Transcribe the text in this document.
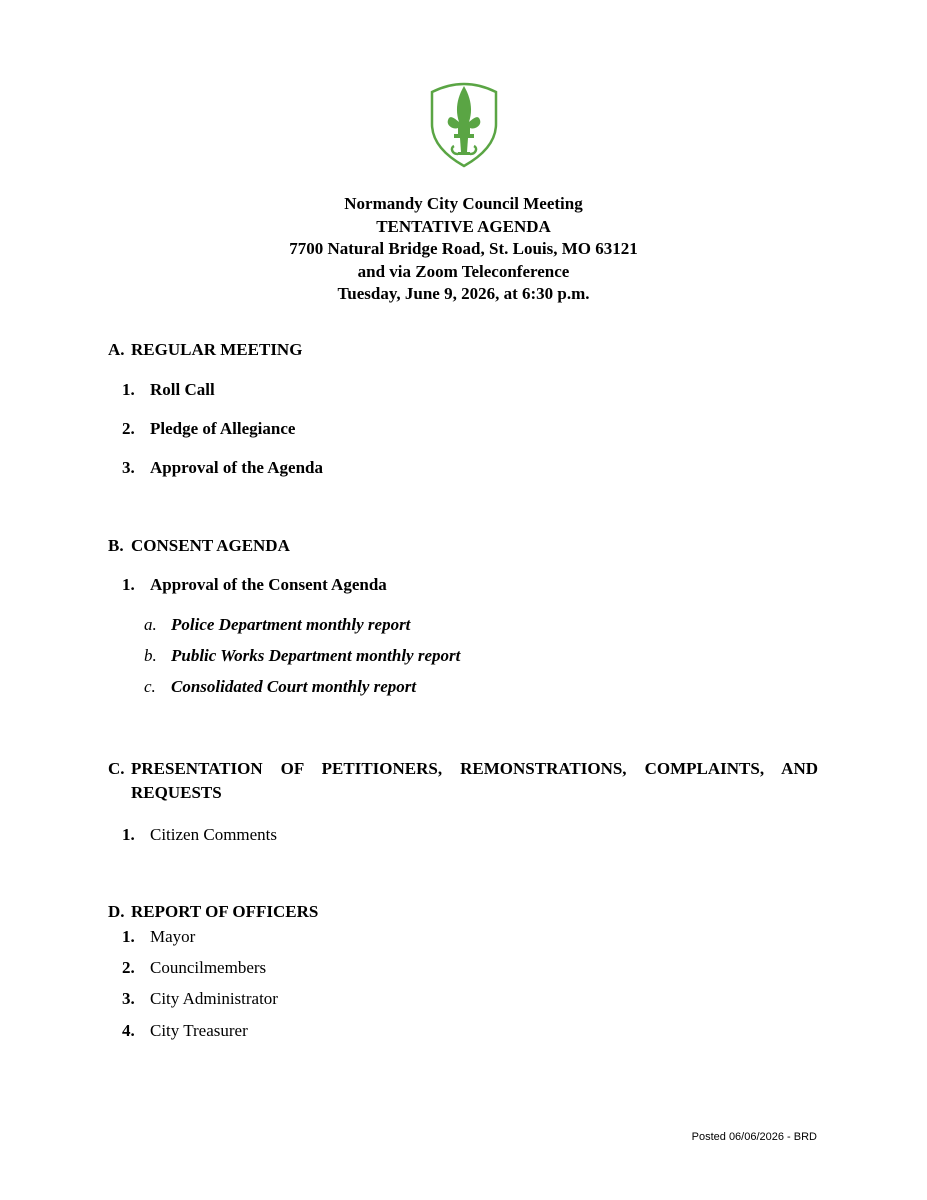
Normandy City Council Meeting
TENTATIVE AGENDA
7700 Natural Bridge Road, St. Louis, MO 63121
and via Zoom Teleconference
Tuesday, June 9, 2026, at 6:30 p.m.
A. REGULAR MEETING
1. Roll Call
2. Pledge of Allegiance
3. Approval of the Agenda
B. CONSENT AGENDA
1. Approval of the Consent Agenda
a. Police Department monthly report
b. Public Works Department monthly report
c. Consolidated Court monthly report
C. PRESENTATION OF PETITIONERS, REMONSTRATIONS, COMPLAINTS, AND
REQUESTS
1. Citizen Comments
D. REPORT OF OFFICERS
1. Mayor
2. Councilmembers
3. City Administrator
4. City Treasurer
Posted 06/06/2026 - BRD
